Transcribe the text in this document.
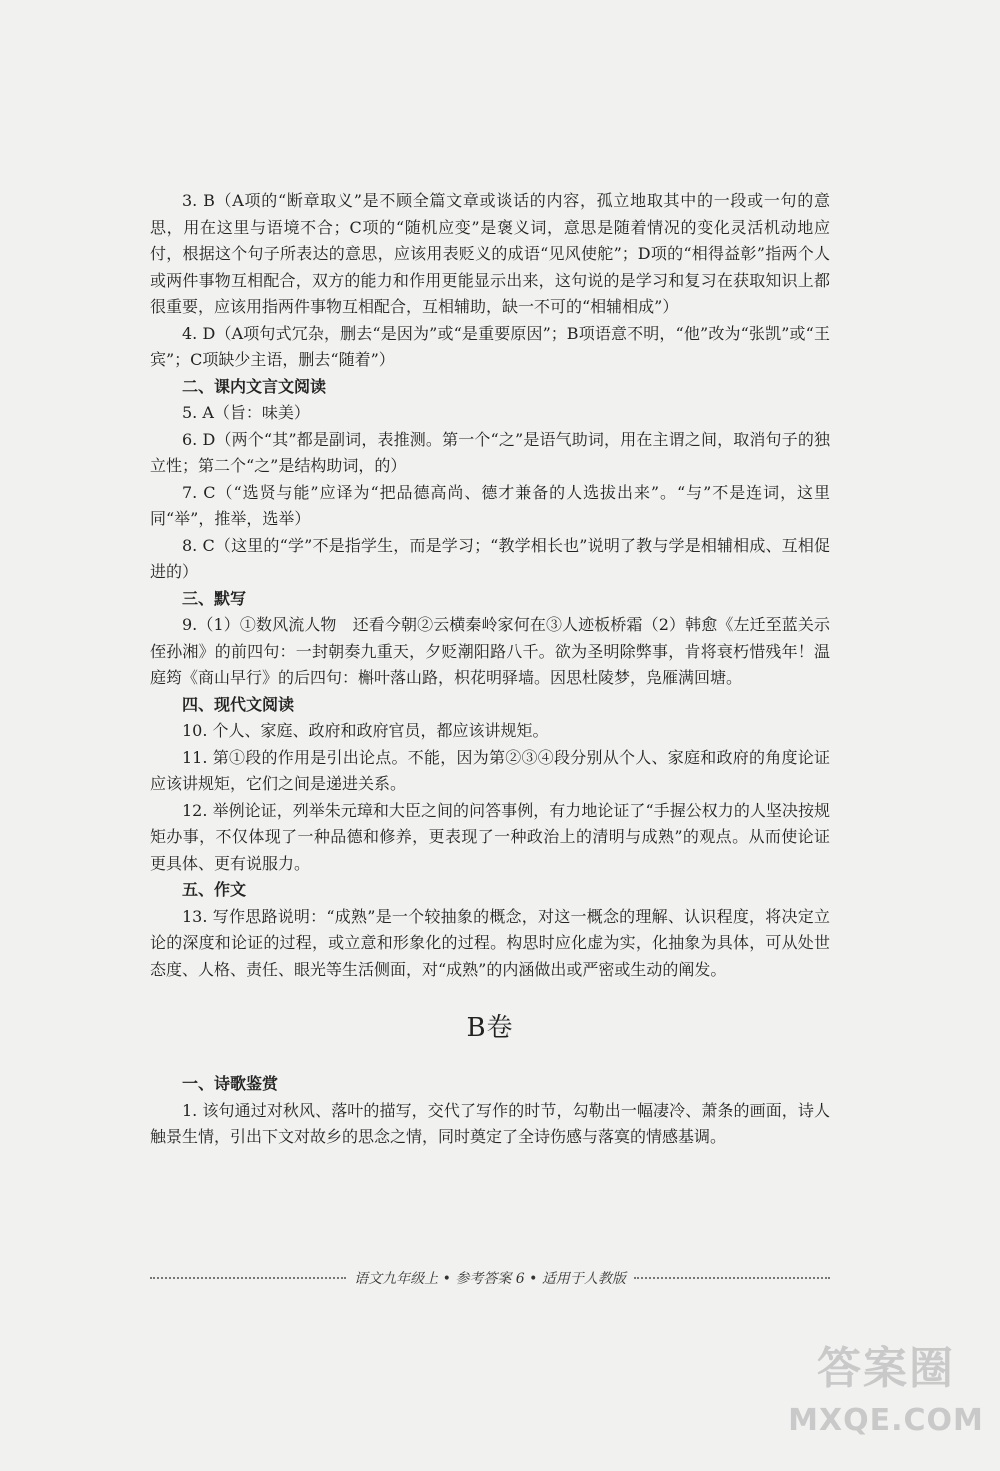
3. B（A项的“断章取义”是不顾全篇文章或谈话的内容，孤立地取其中的一段或一句的意思，用在这里与语境不合；C项的“随机应变”是褒义词，意思是随着情况的变化灵活机动地应付，根据这个句子所表达的意思，应该用表贬义的成语“见风使舵”；D项的“相得益彰”指两个人或两件事物互相配合，双方的能力和作用更能显示出来，这句说的是学习和复习在获取知识上都很重要，应该用指两件事物互相配合，互相辅助，缺一不可的“相辅相成”）

4. D（A项句式冗杂，删去“是因为”或“是重要原因”；B项语意不明，“他”改为“张凯”或“王宾”；C项缺少主语，删去“随着”）

二、课内文言文阅读

5. A（旨：味美）

6. D（两个“其”都是副词，表推测。第一个“之”是语气助词，用在主谓之间，取消句子的独立性；第二个“之”是结构助词，的）

7. C（“选贤与能”应译为“把品德高尚、德才兼备的人选拔出来”。“与”不是连词，这里同“举”，推举，选举）

8. C（这里的“学”不是指学生，而是学习；“教学相长也”说明了教与学是相辅相成、互相促进的）

三、默写

9.（1）①数风流人物　还看今朝②云横秦岭家何在③人迹板桥霜（2）韩愈《左迁至蓝关示侄孙湘》的前四句：一封朝奏九重天，夕贬潮阳路八千。欲为圣明除弊事，肯将衰朽惜残年！温庭筠《商山早行》的后四句：槲叶落山路，枳花明驿墙。因思杜陵梦，凫雁满回塘。

四、现代文阅读

10. 个人、家庭、政府和政府官员，都应该讲规矩。

11. 第①段的作用是引出论点。不能，因为第②③④段分别从个人、家庭和政府的角度论证应该讲规矩，它们之间是递进关系。

12. 举例论证，列举朱元璋和大臣之间的问答事例，有力地论证了“手握公权力的人坚决按规矩办事，不仅体现了一种品德和修养，更表现了一种政治上的清明与成熟”的观点。从而使论证更具体、更有说服力。

五、作文

13. 写作思路说明：“成熟”是一个较抽象的概念，对这一概念的理解、认识程度，将决定立论的深度和论证的过程，或立意和形象化的过程。构思时应化虚为实，化抽象为具体，可从处世态度、人格、责任、眼光等生活侧面，对“成熟”的内涵做出或严密或生动的阐发。

B卷

一、诗歌鉴赏

1. 该句通过对秋风、落叶的描写，交代了写作的时节，勾勒出一幅凄冷、萧条的画面，诗人触景生情，引出下文对故乡的思念之情，同时奠定了全诗伤感与落寞的情感基调。

语文九年级上 • 参考答案 6 • 适用于人教版
答案圈
MXQE.COM
